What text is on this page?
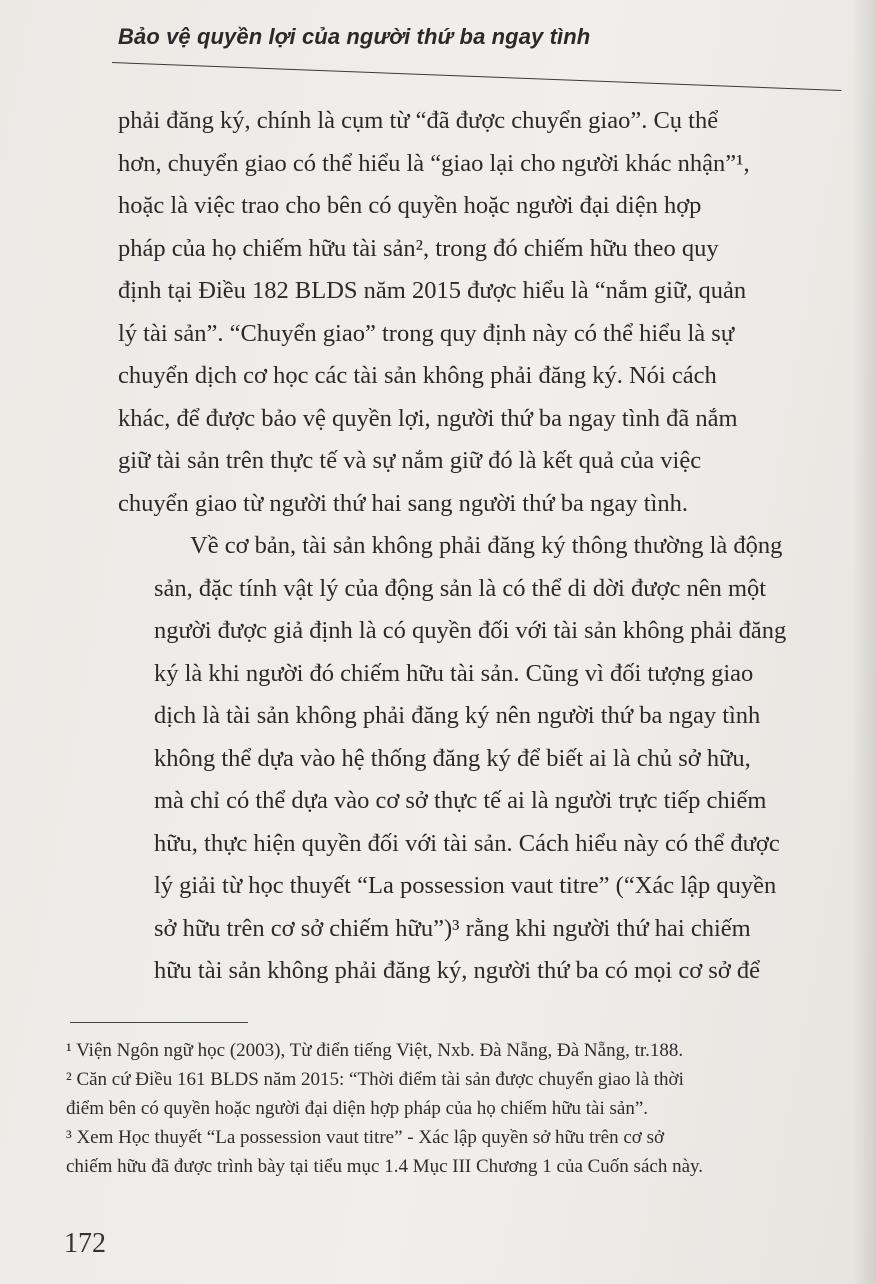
Bảo vệ quyền lợi của người thứ ba ngay tình

phải đăng ký, chính là cụm từ “đã được chuyển giao”. Cụ thể
hơn, chuyển giao có thể hiểu là “giao lại cho người khác nhận”¹,
hoặc là việc trao cho bên có quyền hoặc người đại diện hợp
pháp của họ chiếm hữu tài sản², trong đó chiếm hữu theo quy
định tại Điều 182 BLDS năm 2015 được hiểu là “nắm giữ, quản
lý tài sản”. “Chuyển giao” trong quy định này có thể hiểu là sự
chuyển dịch cơ học các tài sản không phải đăng ký. Nói cách
khác, để được bảo vệ quyền lợi, người thứ ba ngay tình đã nắm
giữ tài sản trên thực tế và sự nắm giữ đó là kết quả của việc
chuyển giao từ người thứ hai sang người thứ ba ngay tình.

Về cơ bản, tài sản không phải đăng ký thông thường là động
sản, đặc tính vật lý của động sản là có thể di dời được nên một
người được giả định là có quyền đối với tài sản không phải đăng
ký là khi người đó chiếm hữu tài sản. Cũng vì đối tượng giao
dịch là tài sản không phải đăng ký nên người thứ ba ngay tình
không thể dựa vào hệ thống đăng ký để biết ai là chủ sở hữu,
mà chỉ có thể dựa vào cơ sở thực tế ai là người trực tiếp chiếm
hữu, thực hiện quyền đối với tài sản. Cách hiểu này có thể được
lý giải từ học thuyết “La possession vaut titre” (“Xác lập quyền
sở hữu trên cơ sở chiếm hữu”)³ rằng khi người thứ hai chiếm
hữu tài sản không phải đăng ký, người thứ ba có mọi cơ sở để

¹ Viện Ngôn ngữ học (2003), Từ điển tiếng Việt, Nxb. Đà Nẵng, Đà Nẵng, tr.188.
² Căn cứ Điều 161 BLDS năm 2015: “Thời điểm tài sản được chuyển giao là thời
điểm bên có quyền hoặc người đại diện hợp pháp của họ chiếm hữu tài sản”.
³ Xem Học thuyết “La possession vaut titre” - Xác lập quyền sở hữu trên cơ sở
chiếm hữu đã được trình bày tại tiểu mục 1.4 Mục III Chương 1 của Cuốn sách này.
172
